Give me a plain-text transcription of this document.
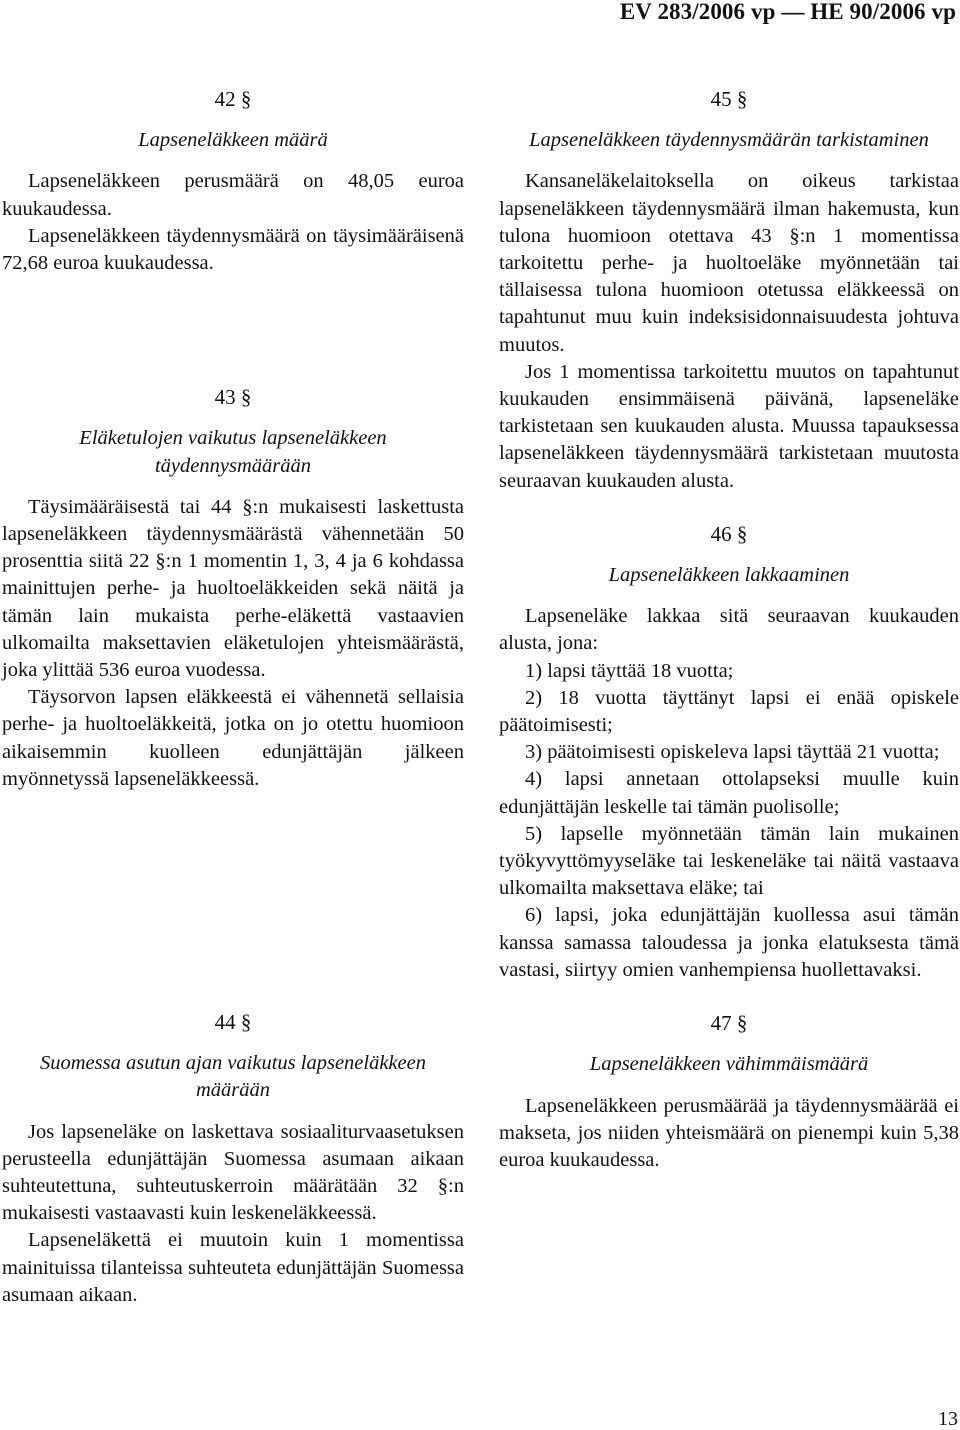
EV 283/2006 vp — HE 90/2006 vp
42 §
Lapseneläkkeen määrä

Lapseneläkkeen perusmäärä on 48,05 euroa kuukaudessa.

Lapseneläkkeen täydennysmäärä on täysimääräisenä 72,68 euroa kuukaudessa.

43 §
Eläketulojen vaikutus lapseneläkkeen täydennysmäärään

Täysimääräisestä tai 44 §:n mukaisesti laskettusta lapseneläkkeen täydennysmäärästä vähennetään 50 prosenttia siitä 22 §:n 1 momentin 1, 3, 4 ja 6 kohdassa mainittujen perhe- ja huoltoeläkkeiden sekä näitä ja tämän lain mukaista perhe-eläkettä vastaavien ulkomailta maksettavien eläketulojen yhteismäärästä, joka ylittää 536 euroa vuodessa.

Täysorvon lapsen eläkkeestä ei vähennetä sellaisia perhe- ja huoltoeläkkeitä, jotka on jo otettu huomioon aikaisemmin kuolleen edunjättäjän jälkeen myönnetyssä lapseneläkkeessä.

44 §
Suomessa asutun ajan vaikutus lapseneläkkeen määrään

Jos lapseneläke on laskettava sosiaaliturvaasetuksen perusteella edunjättäjän Suomessa asumaan aikaan suhteutettuna, suhteutuskerroin määrätään 32 §:n mukaisesti vastaavasti kuin leskeneläkkeessä.

Lapseneläkettä ei muutoin kuin 1 momentissa mainituissa tilanteissa suhteuteta edunjättäjän Suomessa asumaan aikaan.

45 §
Lapseneläkkeen täydennysmäärän tarkistaminen

Kansaneläkelaitoksella on oikeus tarkistaa lapseneläkkeen täydennysmäärä ilman hakemusta, kun tulona huomioon otettava 43 §:n 1 momentissa tarkoitettu perhe- ja huoltoeläke myönnetään tai tällaisessa tulona huomioon otetussa eläkkeessä on tapahtunut muu kuin indeksisidonnaisuudesta johtuva muutos.

Jos 1 momentissa tarkoitettu muutos on tapahtunut kuukauden ensimmäisenä päivänä, lapseneläke tarkistetaan sen kuukauden alusta. Muussa tapauksessa lapseneläkkeen täydennysmäärä tarkistetaan muutosta seuraavan kuukauden alusta.

46 §
Lapseneläkkeen lakkaaminen

Lapseneläke lakkaa sitä seuraavan kuukauden alusta, jona:

1) lapsi täyttää 18 vuotta;

2) 18 vuotta täyttänyt lapsi ei enää opiskele päätoimisesti;

3) päätoimisesti opiskeleva lapsi täyttää 21 vuotta;

4) lapsi annetaan ottolapseksi muulle kuin edunjättäjän leskelle tai tämän puolisolle;

5) lapselle myönnetään tämän lain mukainen työkyvyttömyyseläke tai leskeneläke tai näitä vastaava ulkomailta maksettava eläke; tai

6) lapsi, joka edunjättäjän kuollessa asui tämän kanssa samassa taloudessa ja jonka elatuksesta tämä vastasi, siirtyy omien vanhempiensa huollettavaksi.

47 §
Lapseneläkkeen vähimmäismäärä

Lapseneläkkeen perusmäärää ja täydennysmäärää ei makseta, jos niiden yhteismäärä on pienempi kuin 5,38 euroa kuukaudessa.

13
